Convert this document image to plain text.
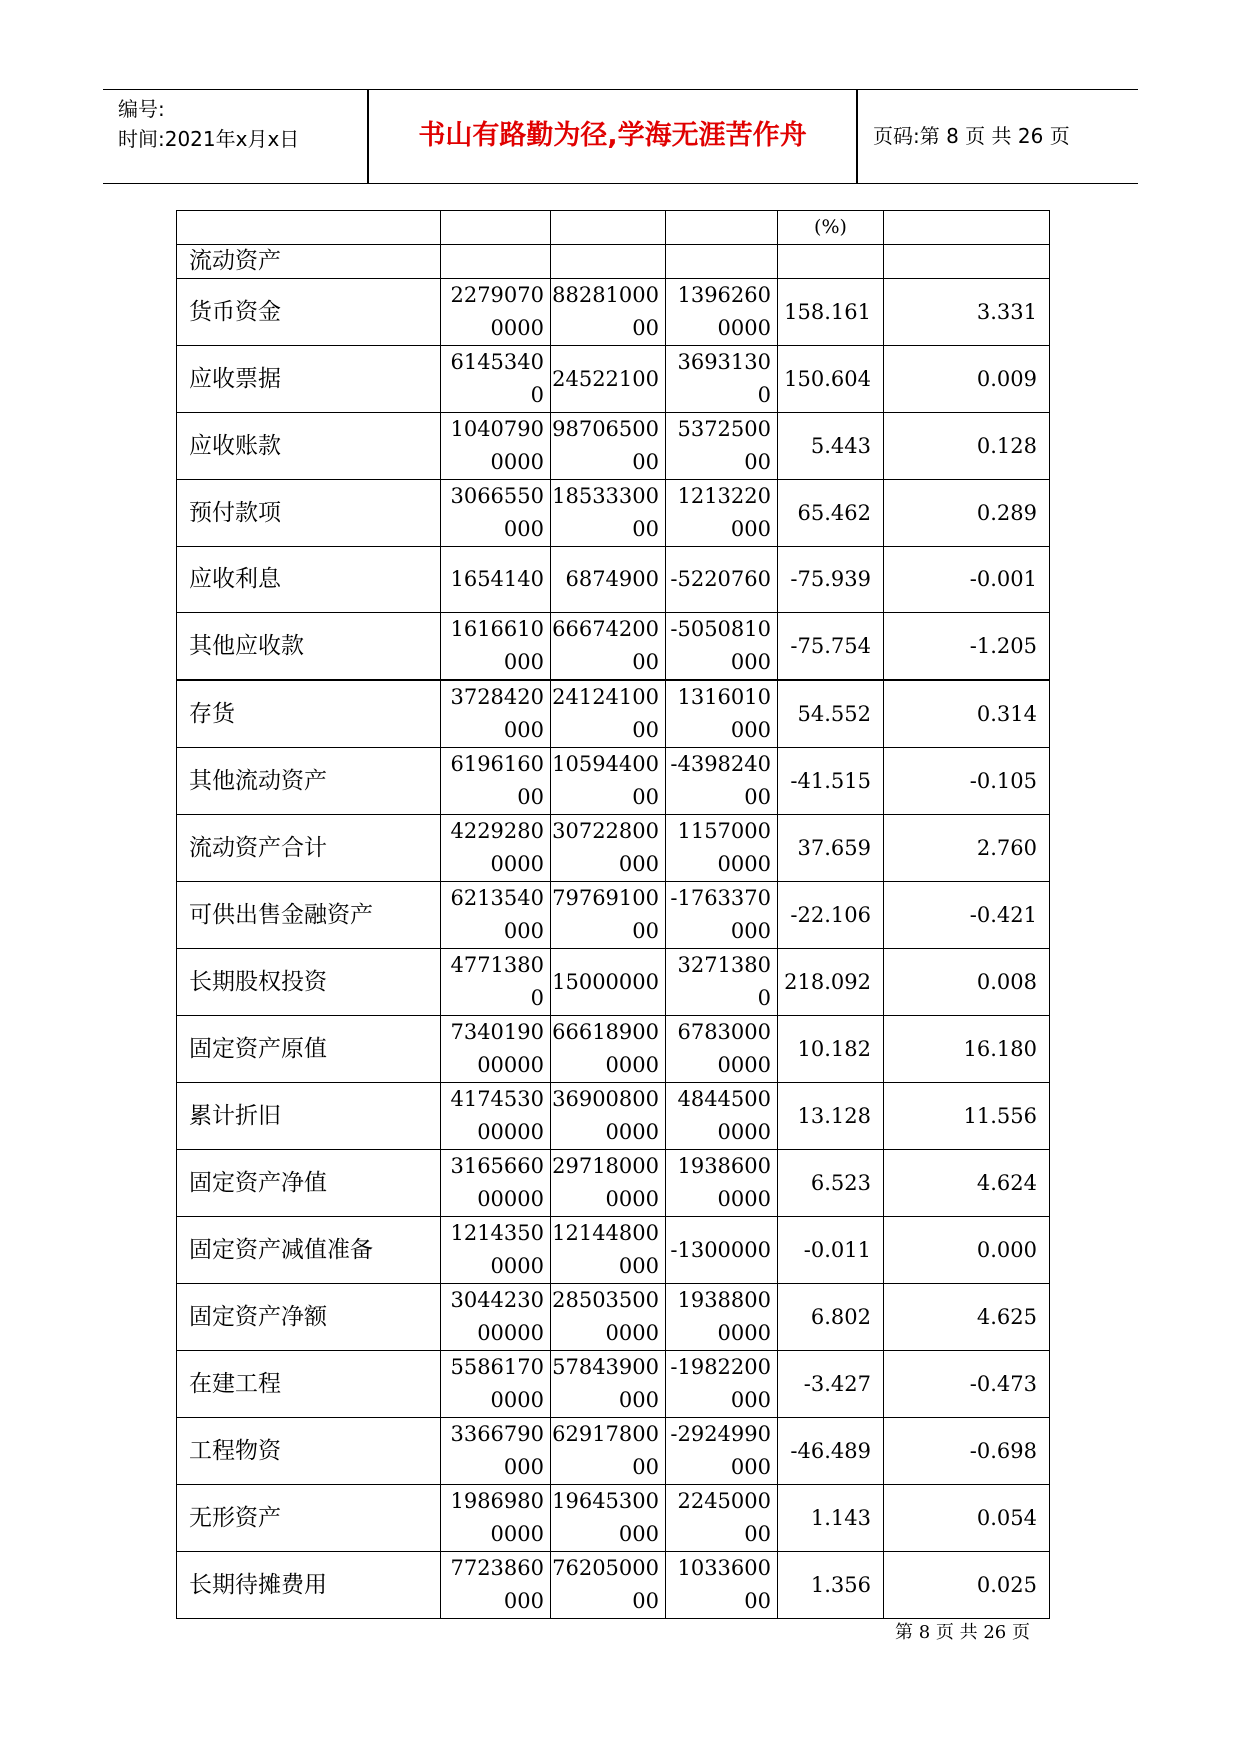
编号:
时间:2021年x月x日	书山有路勤为径,学海无涯苦作舟	页码:第 8 页 共 26 页
				(%)	
流动资产					
货币资金	22790700000	8828100000	13962600000	158.161	3.331
应收票据	61453400	24522100	36931300	150.604	0.009
应收账款	10407900000	9870650000	537250000	5.443	0.128
预付款项	3066550000	1853330000	1213220000	65.462	0.289
应收利息	1654140	6874900	-5220760	-75.939	-0.001
其他应收款	1616610000	6667420000	-5050810000	-75.754	-1.205
存货	3728420000	2412410000	1316010000	54.552	0.314
其他流动资产	619616000	1059440000	-439824000	-41.515	-0.105
流动资产合计	42292800000	30722800000	11570000000	37.659	2.760
可供出售金融资产	6213540000	7976910000	-1763370000	-22.106	-0.421
长期股权投资	47713800	15000000	32713800	218.092	0.008
固定资产原值	734019000000	666189000000	67830000000	10.182	16.180
累计折旧	417453000000	369008000000	48445000000	13.128	11.556
固定资产净值	316566000000	297180000000	19386000000	6.523	4.624
固定资产减值准备	12143500000	12144800000	-1300000	-0.011	0.000
固定资产净额	304423000000	285035000000	19388000000	6.802	4.625
在建工程	55861700000	57843900000	-1982200000	-3.427	-0.473
工程物资	3366790000	6291780000	-2924990000	-46.489	-0.698
无形资产	19869800000	19645300000	224500000	1.143	0.054
长期待摊费用	7723860000	7620500000	103360000	1.356	0.025
第 8 页 共 26 页
